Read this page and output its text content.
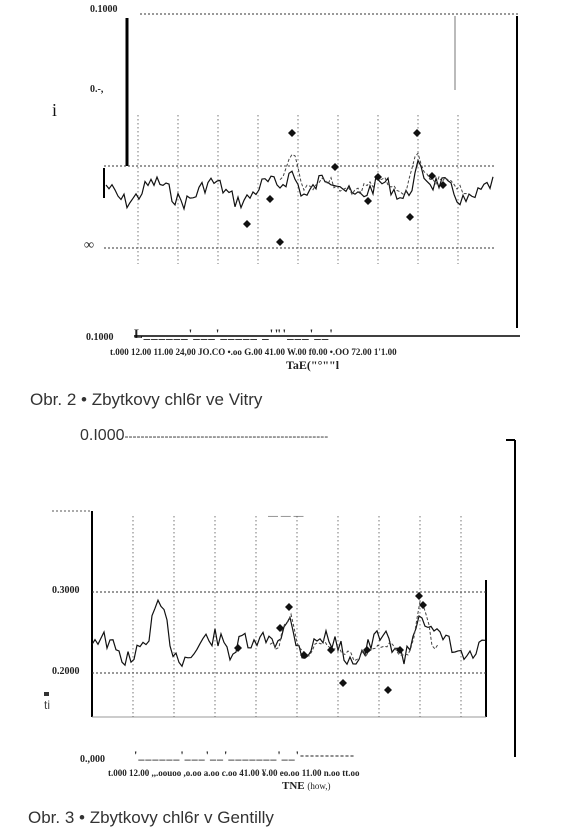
0.1000
0.-,
i
∞
0.1000 L______'___'_____ _'"'___'__'
t.000 12.00 11.00 24,00 JO.CO •.oo G.00 41.00 W.00 f0.00 •.OO 72.00 1'1.00
TaE("°""l
Obr. 2 • Zbytkovy chl6r ve Vitry
0.I000---------------------------------------------------
0.3000
0.2000
ti
0.,000
— — —
'______'___'__'_______'__'-----------
t.000 12.00 ,,.oouoo ,o.oo a.oo c.oo 41.00 ¥.00 eo.oo 11.00 n.oo tt.oo
TNE (how,)
Obr. 3 • Zbytkovy chl6r v Gentilly
